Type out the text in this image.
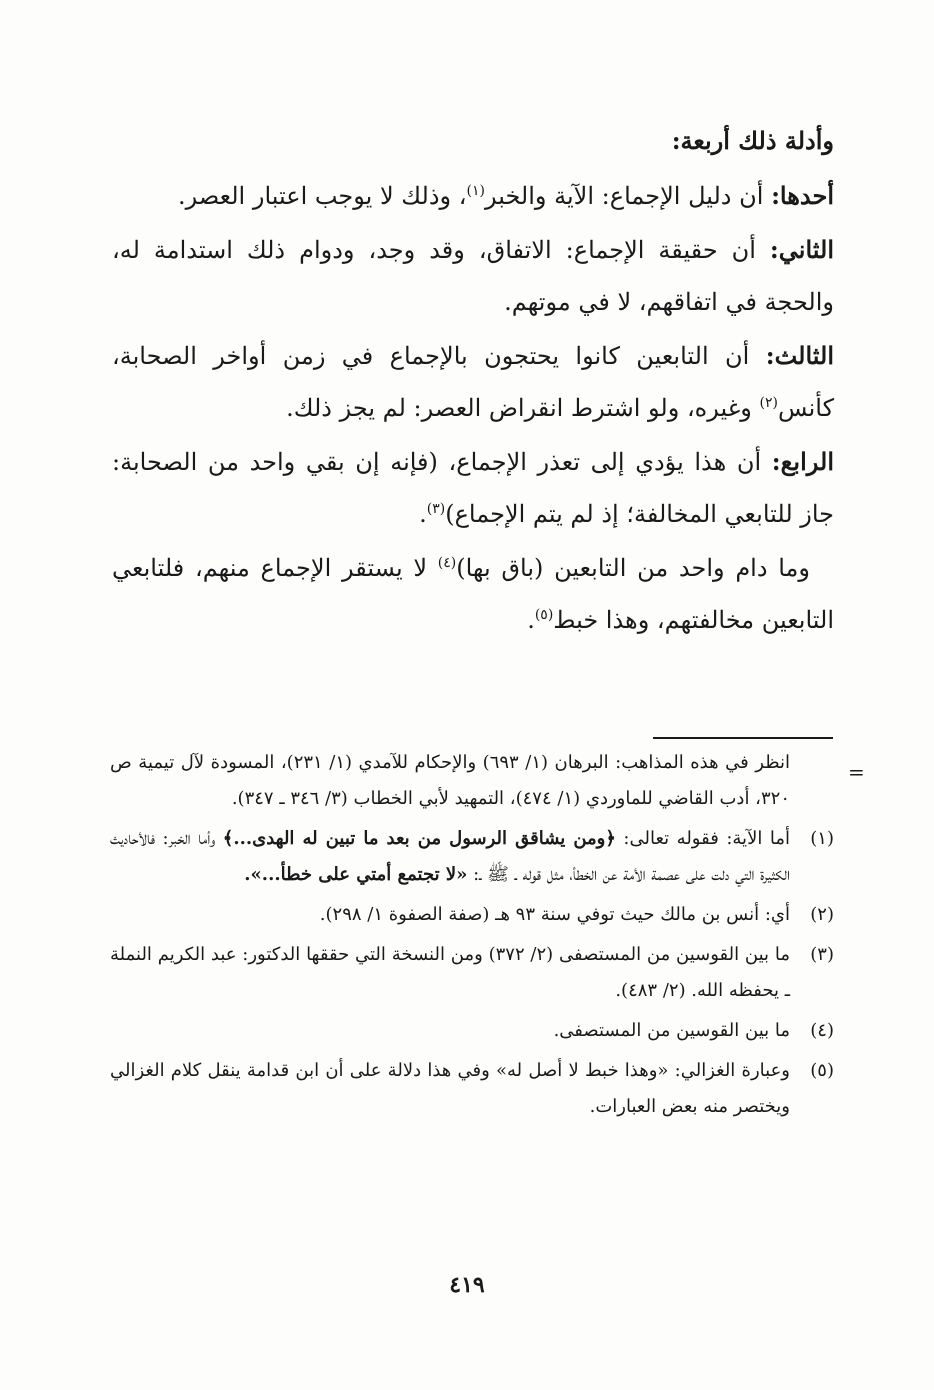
وأدلة ذلك أربعة:

أحدها: أن دليل الإجماع: الآية والخبر$^{(١)}$، وذلك لا يوجب اعتبار العصر.

الثاني: أن حقيقة الإجماع: الاتفاق، وقد وجد، ودوام ذلك استدامة له، والحجة في اتفاقهم، لا في موتهم.

الثالث: أن التابعين كانوا يحتجون بالإجماع في زمن أواخر الصحابة، كأنس$^{(٢)}$ وغيره، ولو اشترط انقراض العصر: لم يجز ذلك.

الرابع: أن هذا يؤدي إلى تعذر الإجماع، (فإنه إن بقي واحد من الصحابة: جاز للتابعي المخالفة؛ إذ لم يتم الإجماع)$^{(٣)}$.

وما دام واحد من التابعين (باق بها)$^{(٤)}$ لا يستقر الإجماع منهم، فلتابعي التابعين مخالفتهم، وهذا خبط$^{(٥)}$.

=
انظر في هذه المذاهب: البرهان (١/ ٦٩٣) والإحكام للآمدي (١/ ٢٣١)، المسودة لآل تيمية ص ٣٢٠، أدب القاضي للماوردي (١/ ٤٧٤)، التمهيد لأبي الخطاب (٣/ ٣٤٦ ـ ٣٤٧).
(١)
أما الآية: فقوله تعالى: ﴿ومن يشاقق الرسول من بعد ما تبين له الهدى...﴾ وأما الخبر: فالأحاديث الكثيرة التي دلت على عصمة الأمة عن الخطأ، مثل قوله ـ ﷺ ـ: «لا تجتمع أمتي على خطأ...».
(٢)
أي: أنس بن مالك حيث توفي سنة ٩٣ هـ (صفة الصفوة ١/ ٢٩٨).
(٣)
ما بين القوسين من المستصفى (٢/ ٣٧٢) ومن النسخة التي حققها الدكتور: عبد الكريم النملة ـ يحفظه الله. (٢/ ٤٨٣).
(٤)
ما بين القوسين من المستصفى.
(٥)
وعبارة الغزالي: «وهذا خبط لا أصل له» وفي هذا دلالة على أن ابن قدامة ينقل كلام الغزالي ويختصر منه بعض العبارات.
٤١٩
